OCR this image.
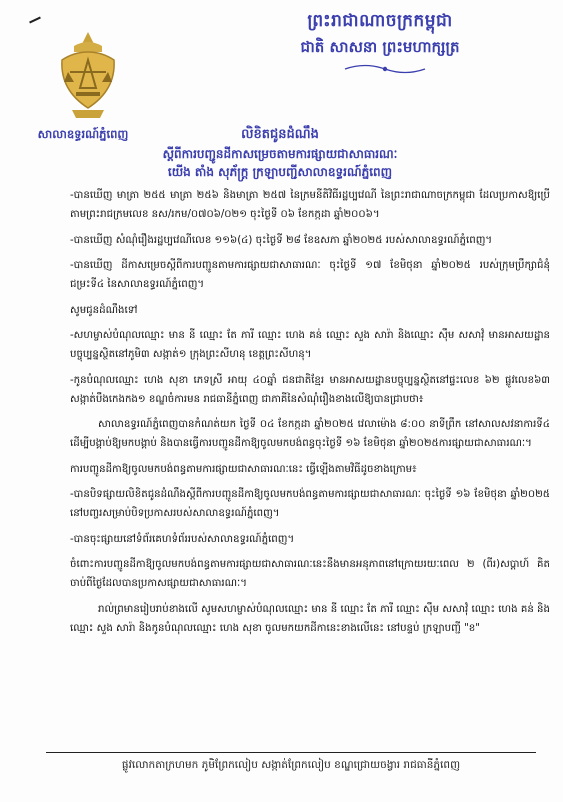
ព្រះរាជាណាចក្រកម្ពុជា
ជាតិ សាសនា ព្រះមហាក្សត្រ
សាលាឧទ្ធរណ៍ភ្នំពេញ	លិខិតជូនដំណឹង
ស្តីពីការបញ្ជូនដីកាសម្រេចតាមការផ្សាយជាសាធារណៈ
យើង តាំង សុភ័ក្ត្រ ក្រឡាបញ្ជីសាលាឧទ្ធរណ៍ភ្នំពេញ

-បានឃើញ មាត្រា ២៥៥ មាត្រា ២៥៦ និងមាត្រា ២៥៧ នៃក្រមនីតិវិធីរដ្ឋប្បវេណី នៃព្រះរាជាណាចក្រកម្ពុជា ដែលប្រកាសឱ្យប្រើតាមព្រះរាជក្រមលេខ នស/រកម/០៧០៦/០២១ ចុះថ្ងៃទី ០៦ ខែកក្កដា ឆ្នាំ២០០៦។

-បានឃើញ សំណុំរឿងរដ្ឋប្បវេណីលេខ ១១៦(៤) ចុះថ្ងៃទី ២៨ ខែឧសភា ឆ្នាំ២០២៥ របស់សាលាឧទ្ធរណ៍ភ្នំពេញ។

-បានឃើញ ដីកាសម្រេចស្តីពីការបញ្ជូនតាមការផ្សាយជាសាធារណៈ ចុះថ្ងៃទី ១៧ ខែមិថុនា ឆ្នាំ២០២៥ របស់ក្រុមប្រឹក្សាជំនុំជម្រះទី៤ នៃសាលាឧទ្ធរណ៍ភ្នំពេញ។

សូមជូនដំណឹងទៅ

-សហម្ចាស់បំណុលឈ្មោះ មាន នី ឈ្មោះ តែ ភារី ឈ្មោះ ហេង គន់ ឈ្មោះ សួង សារ៉ា និងឈ្មោះ ស៊ឹម សសាវុំ មានអាសយដ្ឋានបច្ចុប្បន្នស្ថិតនៅភូមិ៣ សង្កាត់១ ក្រុងព្រះសីហនុ ខេត្តព្រះសីហនុ។

-កូនបំណុលឈ្មោះ ហេង សុខា ភេទស្រី អាយុ ៤០ឆ្នាំ ជនជាតិខ្មែរ មានអាសយដ្ឋានបច្ចុប្បន្នស្ថិតនៅផ្ទះលេខ ៦២ ផ្លូវលេខ៦៣ សង្កាត់បឹងកេងកង១ ខណ្ឌចំការមន រាជធានីភ្នំពេញ ជាភាគីនៃសំណុំរឿងខាងលើឱ្យបានជ្រាបថា៖

សាលាឧទ្ធរណ៍ភ្នំពេញបានកំណត់យក ថ្ងៃទី ០៤ ខែកក្កដា ឆ្នាំ២០២៥ វេលាម៉ោង ៨:០០ នាទីព្រឹក នៅសាលសវនាការទី៤ ដើម្បីបង្គាប់ឱ្យមកបង្គាប់ និងបានធ្វើការបញ្ជូនដីកាឱ្យចូលមកបង់ពន្ធចុះថ្ងៃទី ១៦ ខែមិថុនា ឆ្នាំ២០២៥ការផ្សាយជាសាធារណៈ។

ការបញ្ជូនដីកាឱ្យចូលមកបង់ពន្ធតាមការផ្សាយជាសាធារណៈនេះ ធ្វើឡើងតាមវិធីដូចខាងក្រោម៖

-បានបិទផ្សាយលិខិតជូនដំណឹងស្តីពីការបញ្ជូនដីកាឱ្យចូលមកបង់ពន្ធតាមការផ្សាយជាសាធារណៈ ចុះថ្ងៃទី ១៦ ខែមិថុនា ឆ្នាំ២០២៥ នៅបញ្ចរសម្រាប់បិទប្រកាសរបស់សាលាឧទ្ធរណ៍ភ្នំពេញ។

-បានចុះផ្សាយនៅទំព័រគេហទំព័ររបស់សាលាឧទ្ធរណ៍ភ្នំពេញ។

ចំពោះការបញ្ជូនដីកាឱ្យចូលមកបង់ពន្ធតាមការផ្សាយជាសាធារណៈនេះនឹងមានអនុភាពនៅក្រោយរយៈពេល ២ (ពីរ)សប្តាហ៍ គិតចាប់ពីថ្ងៃដែលបានប្រកាសផ្សាយជាសាធារណៈ។

រាល់ព្រមានរៀបរាប់ខាងលើ សូមសហម្ចាស់បំណុលឈ្មោះ មាន នី ឈ្មោះ តែ ភារី ឈ្មោះ ស៊ឹម សសាវុំ ឈ្មោះ ហេង គន់ និងឈ្មោះ សួង សារ៉ា និងកូនបំណុលឈ្មោះ ហេង សុខា ចូលមកយកដីកានេះខាងលើនេះ នៅបន្ទប់ ក្រឡាបញ្ជី "ខ"

ផ្លូវលោកតាក្រហមក ភូមិព្រែកលៀប សង្កាត់ព្រែកលៀប ខណ្ឌជ្រោយចង្វារ រាជធានីភ្នំពេញ
